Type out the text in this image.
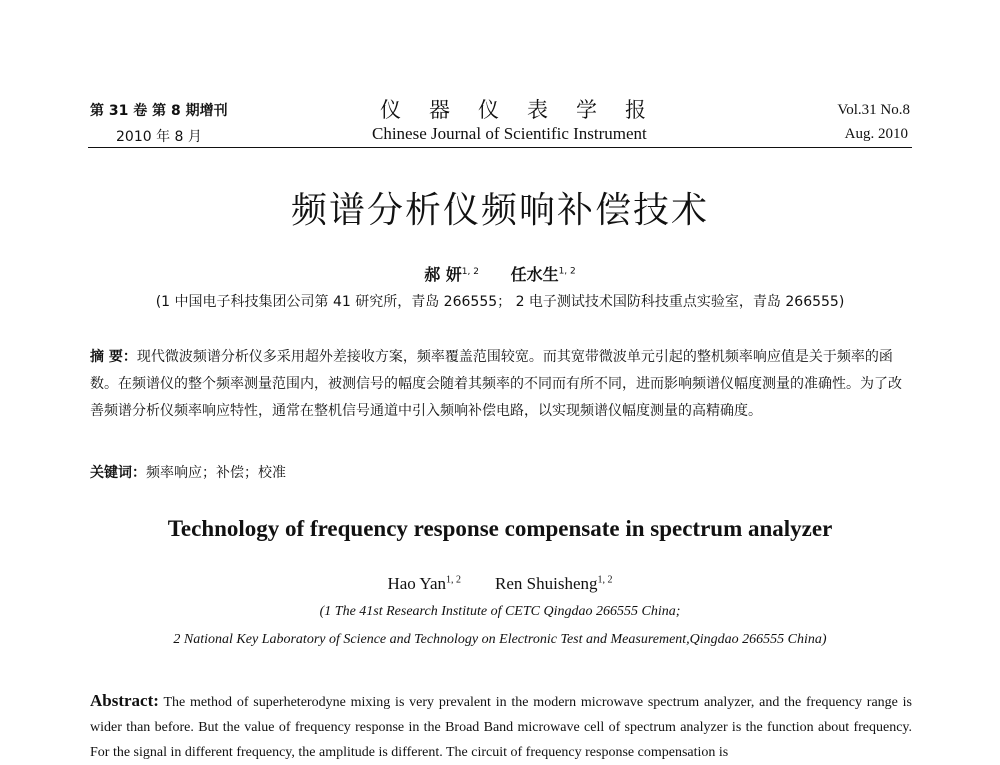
第 31 卷 第 8 期增刊
2010 年 8 月
仪器仪表学报
Chinese Journal of Scientific Instrument
Vol.31 No.8
Aug. 2010
频谱分析仪频响补偿技术
郝 妍$^{1, 2}$ 任水生$^{1, 2}$
(1 中国电子科技集团公司第 41 研究所，青岛 266555； 2 电子测试技术国防科技重点实验室，青岛 266555)
摘 要：现代微波频谱分析仪多采用超外差接收方案，频率覆盖范围较宽。而其宽带微波单元引起的整机频率响应值是关于频率的函数。在频谱仪的整个频率测量范围内，被测信号的幅度会随着其频率的不同而有所不同，进而影响频谱仪幅度测量的准确性。为了改善频谱分析仪频率响应特性，通常在整机信号通道中引入频响补偿电路，以实现频谱仪幅度测量的高精确度。
关键词：频率响应；补偿；校准
Technology of frequency response compensate in spectrum analyzer
Hao Yan$^{1, 2}$ Ren Shuisheng$^{1, 2}$
(1 The 41st Research Institute of CETC Qingdao 266555 China;
2 National Key Laboratory of Science and Technology on Electronic Test and Measurement,Qingdao 266555 China)
Abstract: The method of superheterodyne mixing is very prevalent in the modern microwave spectrum analyzer, and the frequency range is wider than before. But the value of frequency response in the Broad Band microwave cell of spectrum analyzer is the function about frequency. For the signal in different frequency, the amplitude is different. The circuit of frequency response compensation is
